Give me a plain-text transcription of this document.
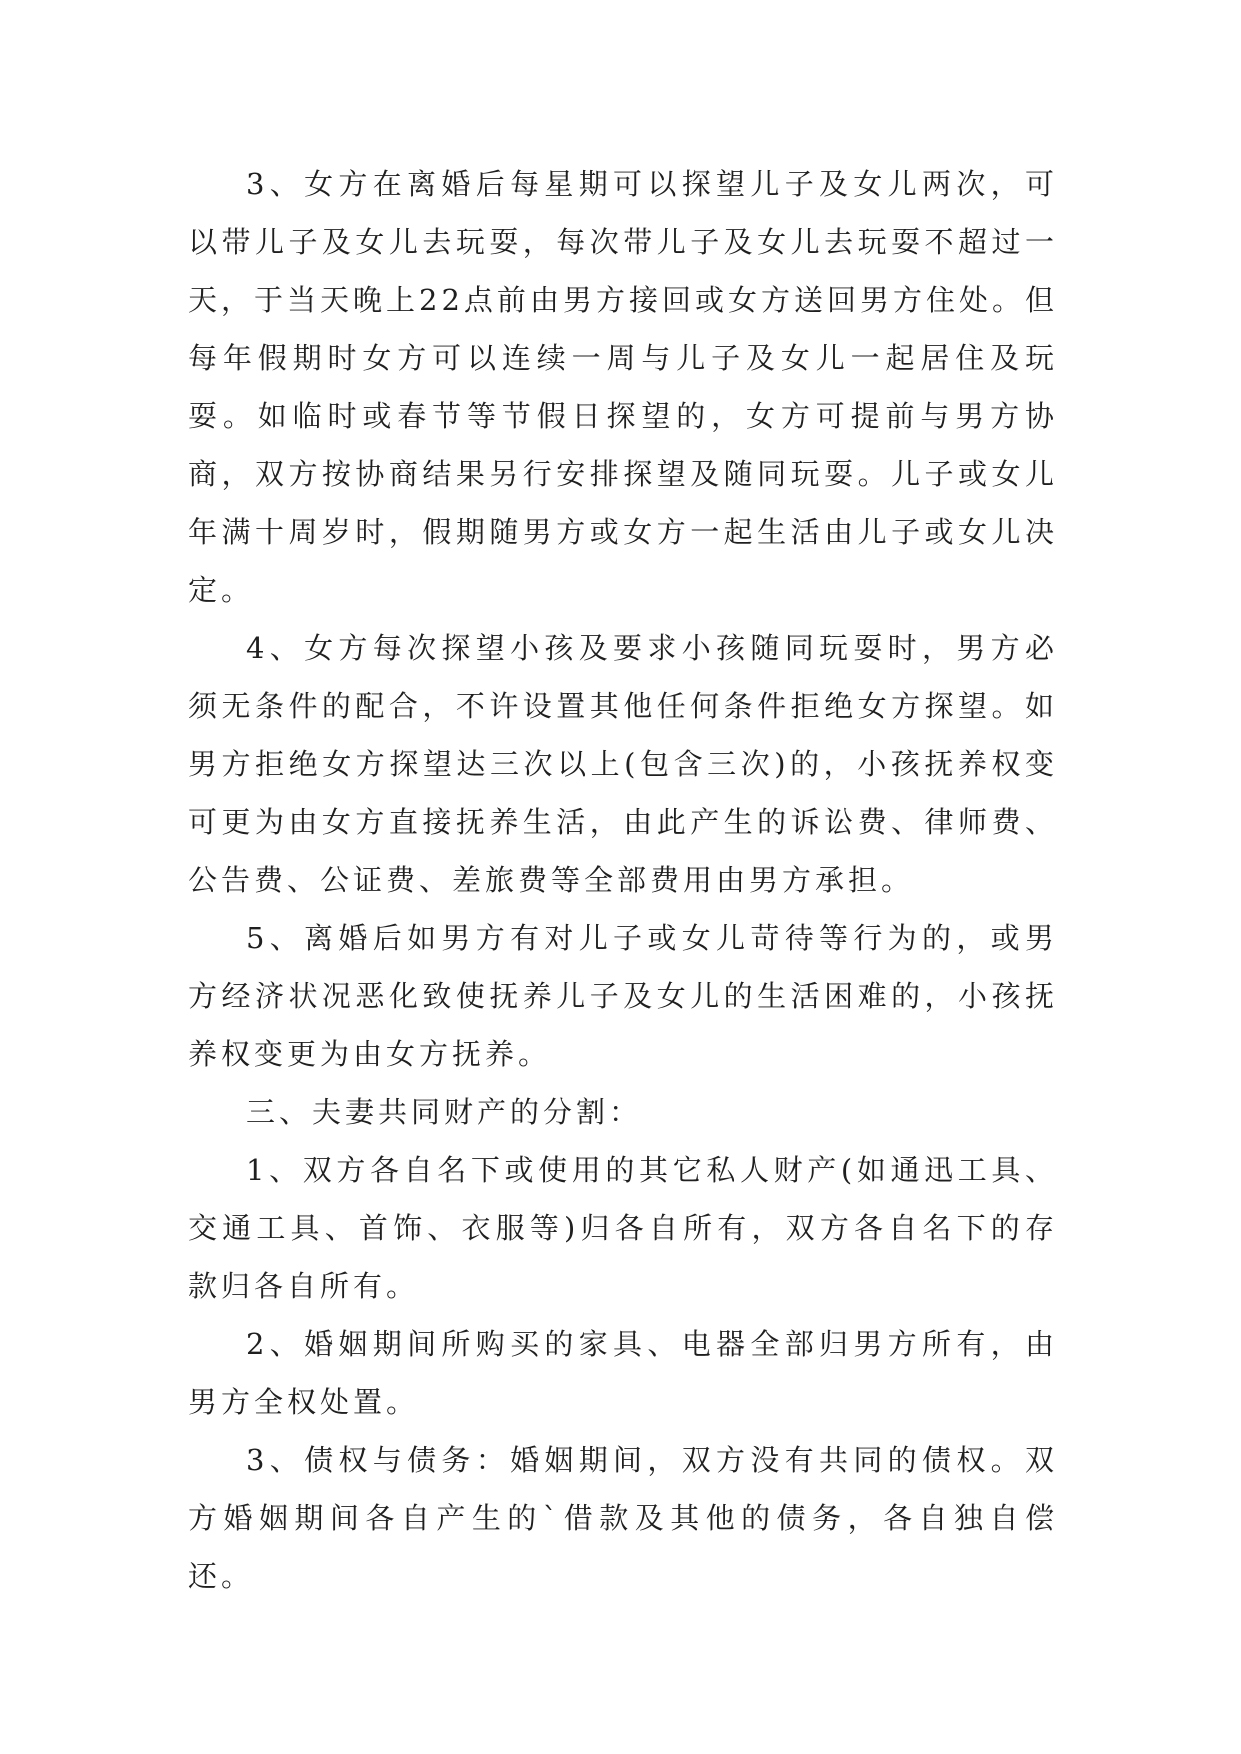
3、女方在离婚后每星期可以探望儿子及女儿两次，可以带儿子及女儿去玩耍，每次带儿子及女儿去玩耍不超过一天，于当天晚上22点前由男方接回或女方送回男方住处。但每年假期时女方可以连续一周与儿子及女儿一起居住及玩耍。如临时或春节等节假日探望的，女方可提前与男方协商，双方按协商结果另行安排探望及随同玩耍。儿子或女儿年满十周岁时，假期随男方或女方一起生活由儿子或女儿决定。

4、女方每次探望小孩及要求小孩随同玩耍时，男方必须无条件的配合，不许设置其他任何条件拒绝女方探望。如男方拒绝女方探望达三次以上(包含三次)的，小孩抚养权变可更为由女方直接抚养生活，由此产生的诉讼费、律师费、公告费、公证费、差旅费等全部费用由男方承担。

5、离婚后如男方有对儿子或女儿苛待等行为的，或男方经济状况恶化致使抚养儿子及女儿的生活困难的，小孩抚养权变更为由女方抚养。

三、夫妻共同财产的分割：

1、双方各自名下或使用的其它私人财产(如通迅工具、交通工具、首饰、衣服等)归各自所有，双方各自名下的存款归各自所有。

2、婚姻期间所购买的家具、电器全部归男方所有，由男方全权处置。

3、债权与债务：婚姻期间，双方没有共同的债权。双方婚姻期间各自产生的`借款及其他的债务，各自独自偿还。
